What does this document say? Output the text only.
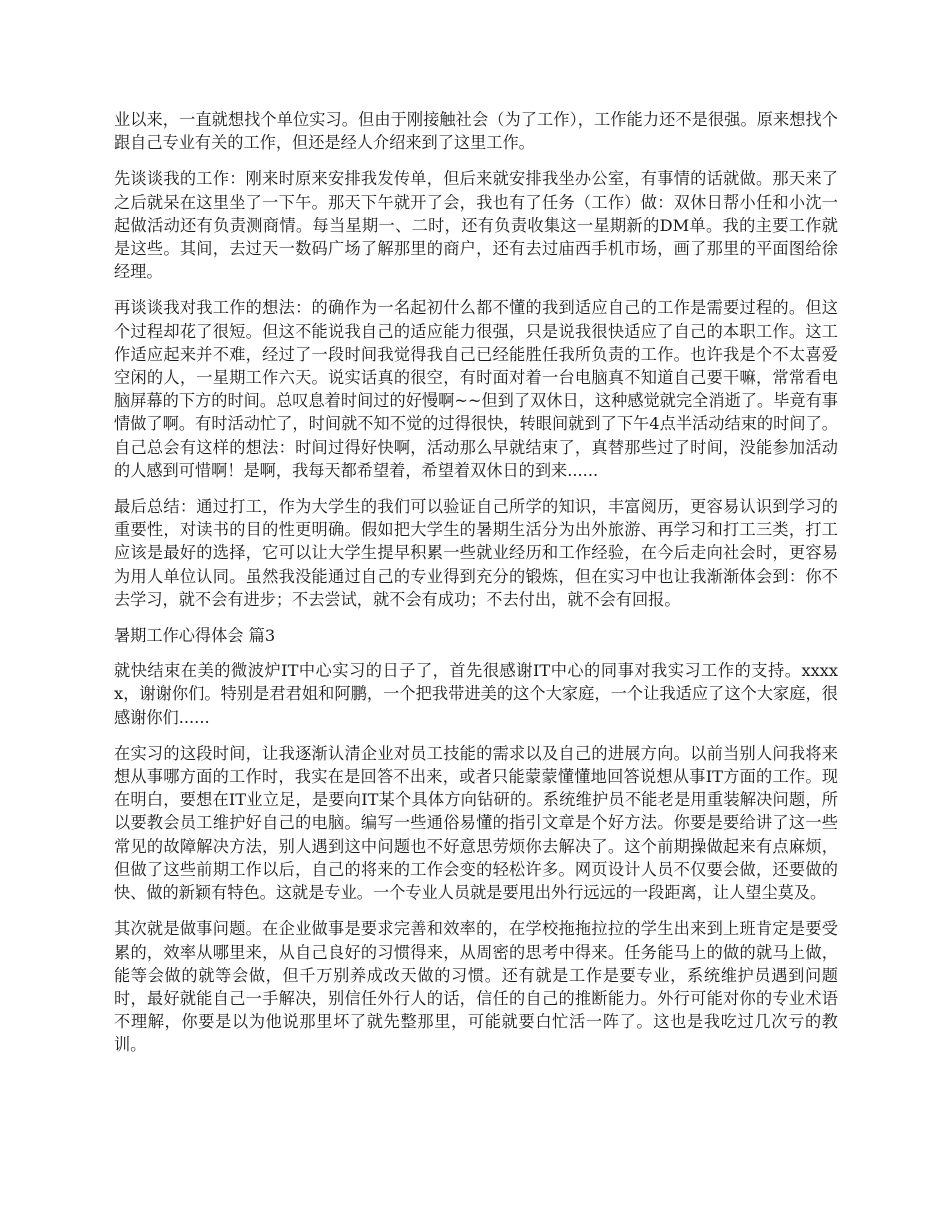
业以来，一直就想找个单位实习。但由于刚接触社会（为了工作），工作能力还不是很强。原来想找个跟自己专业有关的工作，但还是经人介绍来到了这里工作。

先谈谈我的工作：刚来时原来安排我发传单，但后来就安排我坐办公室，有事情的话就做。那天来了之后就呆在这里坐了一下午。那天下午就开了会，我也有了任务（工作）做：双休日帮小任和小沈一起做活动还有负责测商情。每当星期一、二时，还有负责收集这一星期新的DM单。我的主要工作就是这些。其间，去过天一数码广场了解那里的商户，还有去过庙西手机市场，画了那里的平面图给徐经理。

再谈谈我对我工作的想法：的确作为一名起初什么都不懂的我到适应自己的工作是需要过程的。但这个过程却花了很短。但这不能说我自己的适应能力很强，只是说我很快适应了自己的本职工作。这工作适应起来并不难，经过了一段时间我觉得我自己已经能胜任我所负责的工作。也许我是个不太喜爱空闲的人，一星期工作六天。说实话真的很空，有时面对着一台电脑真不知道自己要干嘛，常常看电脑屏幕的下方的时间。总叹息着时间过的好慢啊~~但到了双休日，这种感觉就完全消逝了。毕竟有事情做了啊。有时活动忙了，时间就不知不觉的过得很快，转眼间就到了下午4点半活动结束的时间了。自己总会有这样的想法：时间过得好快啊，活动那么早就结束了，真替那些过了时间，没能参加活动的人感到可惜啊！是啊，我每天都希望着，希望着双休日的到来......

最后总结：通过打工，作为大学生的我们可以验证自己所学的知识，丰富阅历，更容易认识到学习的重要性，对读书的目的性更明确。假如把大学生的暑期生活分为出外旅游、再学习和打工三类，打工应该是最好的选择，它可以让大学生提早积累一些就业经历和工作经验，在今后走向社会时，更容易为用人单位认同。虽然我没能通过自己的专业得到充分的锻炼，但在实习中也让我渐渐体会到：你不去学习，就不会有进步；不去尝试，就不会有成功；不去付出，就不会有回报。

暑期工作心得体会 篇3

就快结束在美的微波炉IT中心实习的日子了，首先很感谢IT中心的同事对我实习工作的支持。xxxxx，谢谢你们。特别是君君姐和阿鹏，一个把我带进美的这个大家庭，一个让我适应了这个大家庭，很感谢你们......

在实习的这段时间，让我逐渐认清企业对员工技能的需求以及自己的进展方向。以前当别人问我将来想从事哪方面的工作时，我实在是回答不出来，或者只能蒙蒙懂懂地回答说想从事IT方面的工作。现在明白，要想在IT业立足，是要向IT某个具体方向钻研的。系统维护员不能老是用重装解决问题，所以要教会员工维护好自己的电脑。编写一些通俗易懂的指引文章是个好方法。你要是要给讲了这一些常见的故障解决方法，别人遇到这中问题也不好意思劳烦你去解决了。这个前期操做起来有点麻烦，但做了这些前期工作以后，自己的将来的工作会变的轻松许多。网页设计人员不仅要会做，还要做的快、做的新颖有特色。这就是专业。一个专业人员就是要甩出外行远远的一段距离，让人望尘莫及。

其次就是做事问题。在企业做事是要求完善和效率的，在学校拖拖拉拉的学生出来到上班肯定是要受累的，效率从哪里来，从自己良好的习惯得来，从周密的思考中得来。任务能马上的做的就马上做，能等会做的就等会做，但千万别养成改天做的习惯。还有就是工作是要专业，系统维护员遇到问题时，最好就能自己一手解决，别信任外行人的话，信任的自己的推断能力。外行可能对你的专业术语不理解，你要是以为他说那里坏了就先整那里，可能就要白忙活一阵了。这也是我吃过几次亏的教训。
